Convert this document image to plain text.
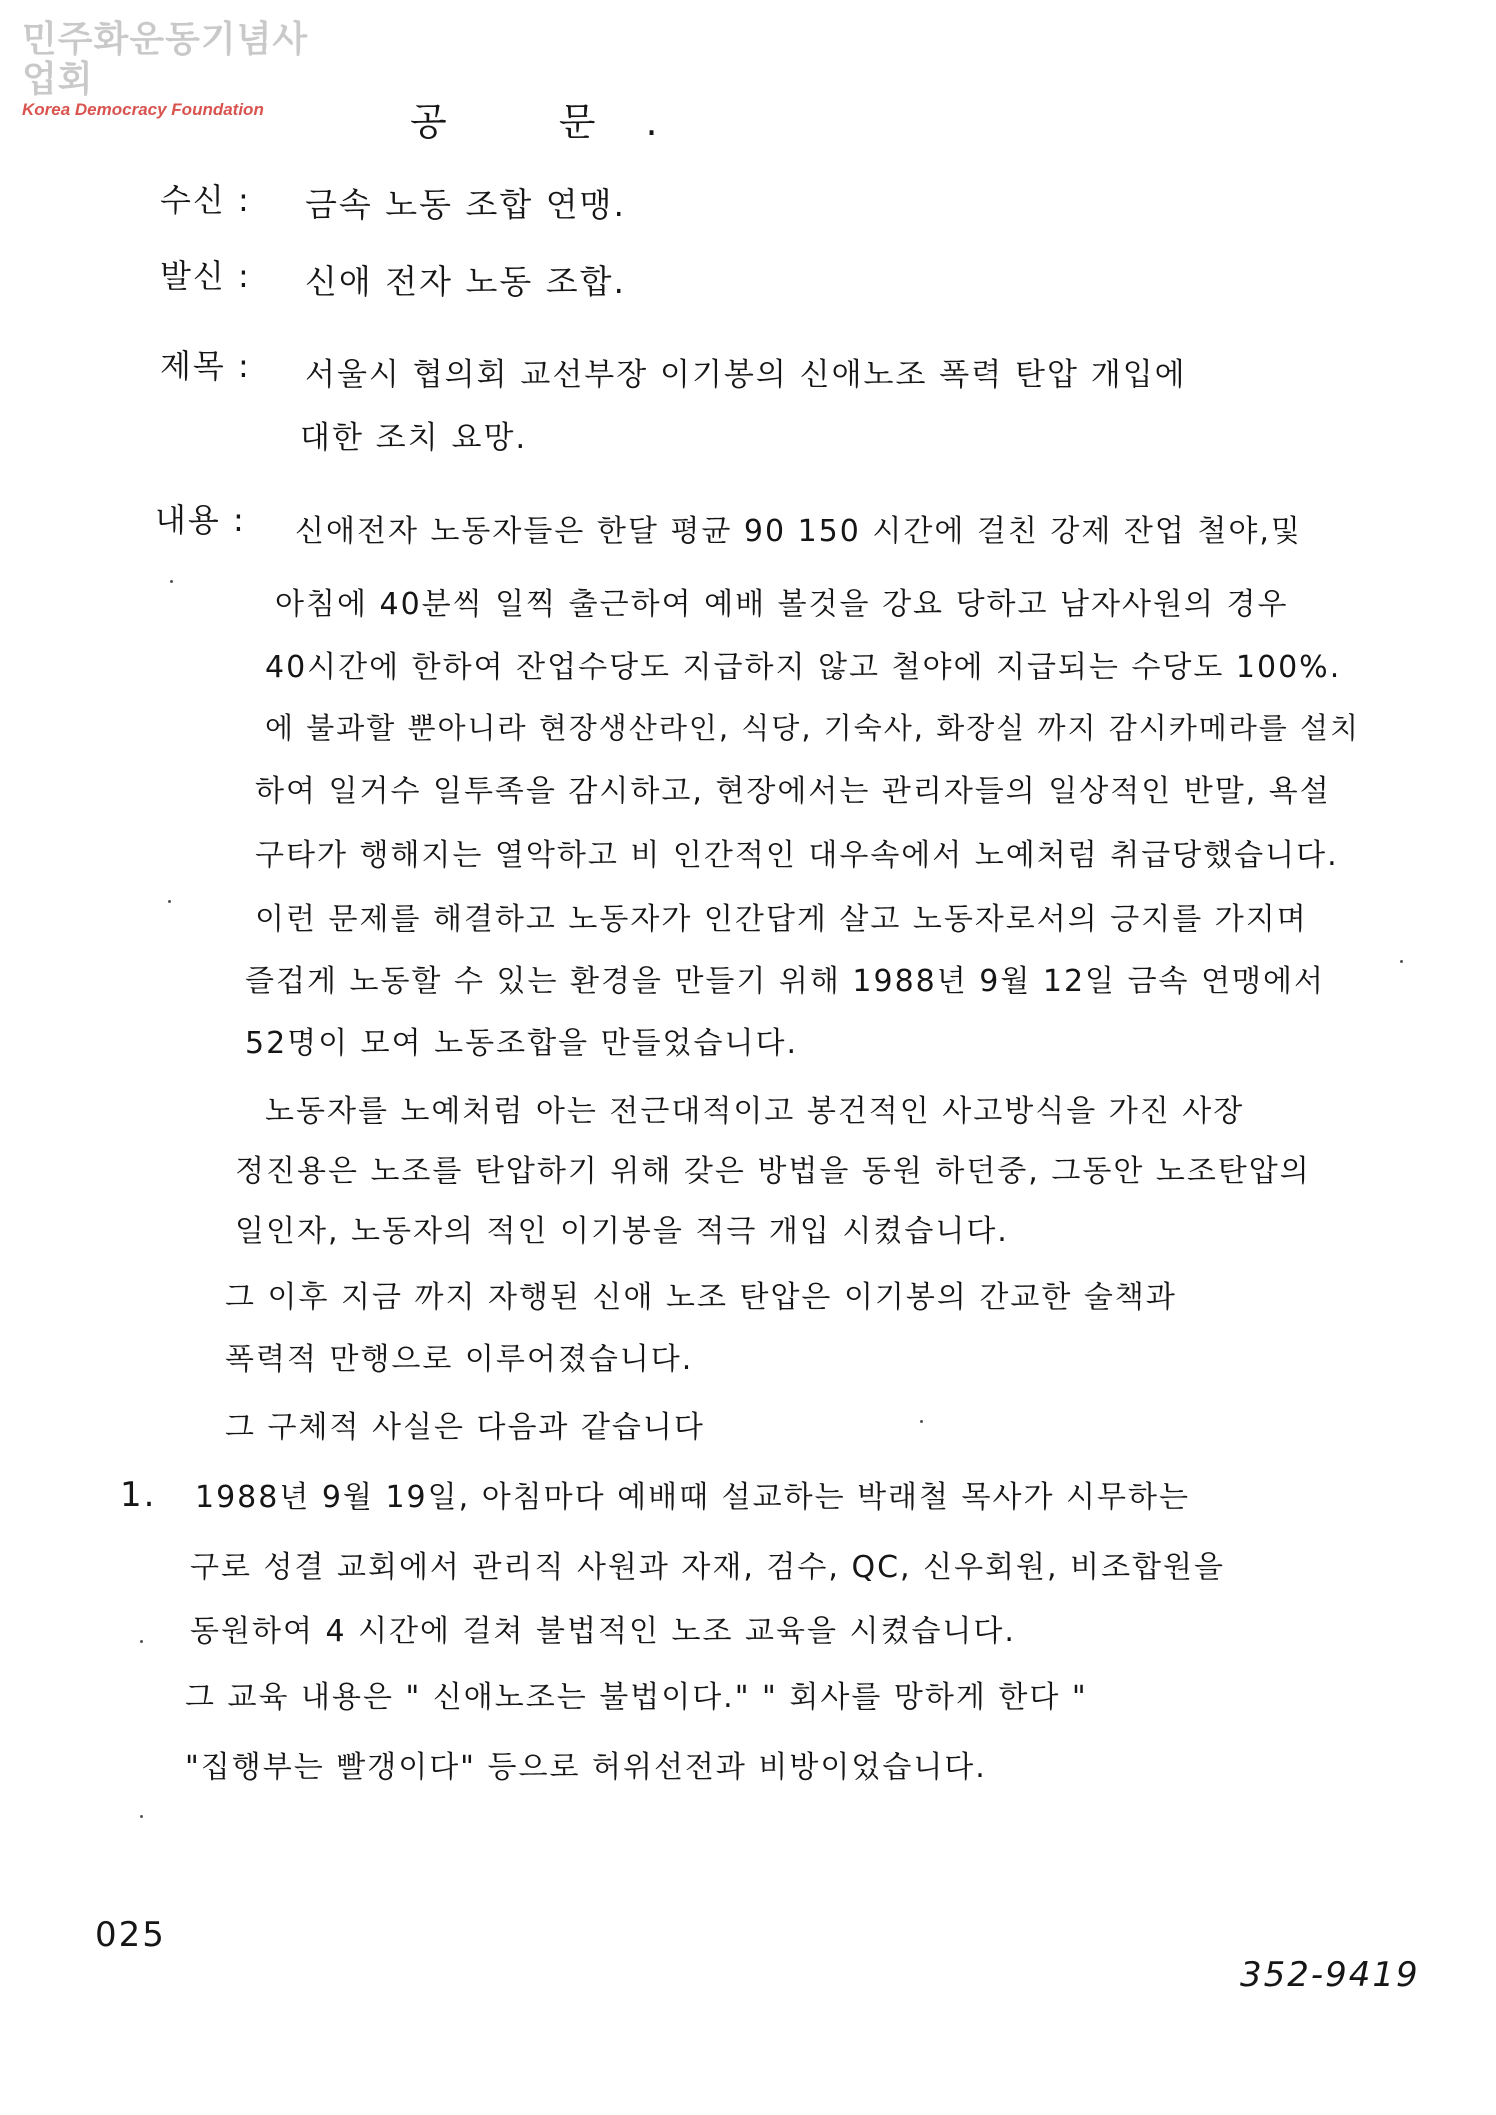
민주화운동기념사업회
Korea Democracy Foundation	공 문.
수신 : 금속 노동 조합 연맹.
발신 : 신애 전자 노동 조합.
제목 : 서울시 협의회 교선부장 이기봉의 신애노조 폭력 탄압 개입에
대한 조치 요망.
내용 : 신애전자 노동자들은 한달 평균 90 150 시간에 걸친 강제 잔업 철야,및
아침에 40분씩 일찍 출근하여 예배 볼것을 강요 당하고 남자사원의 경우
40시간에 한하여 잔업수당도 지급하지 않고 철야에 지급되는 수당도 100%.
에 불과할 뿐아니라 현장생산라인, 식당, 기숙사, 화장실 까지 감시카메라를 설치
하여 일거수 일투족을 감시하고, 현장에서는 관리자들의 일상적인 반말, 욕설
구타가 행해지는 열악하고 비 인간적인 대우속에서 노예처럼 취급당했습니다.
이런 문제를 해결하고 노동자가 인간답게 살고 노동자로서의 긍지를 가지며
즐겁게 노동할 수 있는 환경을 만들기 위해 1988년 9월 12일 금속 연맹에서
52명이 모여 노동조합을 만들었습니다.
노동자를 노예처럼 아는 전근대적이고 봉건적인 사고방식을 가진 사장
정진용은 노조를 탄압하기 위해 갖은 방법을 동원 하던중, 그동안 노조탄압의
일인자, 노동자의 적인 이기봉을 적극 개입 시켰습니다.
그 이후 지금 까지 자행된 신애 노조 탄압은 이기봉의 간교한 술책과
폭력적 만행으로 이루어졌습니다.
그 구체적 사실은 다음과 같습니다
1. 1988년 9월 19일, 아침마다 예배때 설교하는 박래철 목사가 시무하는
구로 성결 교회에서 관리직 사원과 자재, 검수, QC, 신우회원, 비조합원을
동원하여 4 시간에 걸쳐 불법적인 노조 교육을 시켰습니다.
그 교육 내용은 " 신애노조는 불법이다." " 회사를 망하게 한다 "
"집행부는 빨갱이다" 등으로 허위선전과 비방이었습니다.
025
352-9419
